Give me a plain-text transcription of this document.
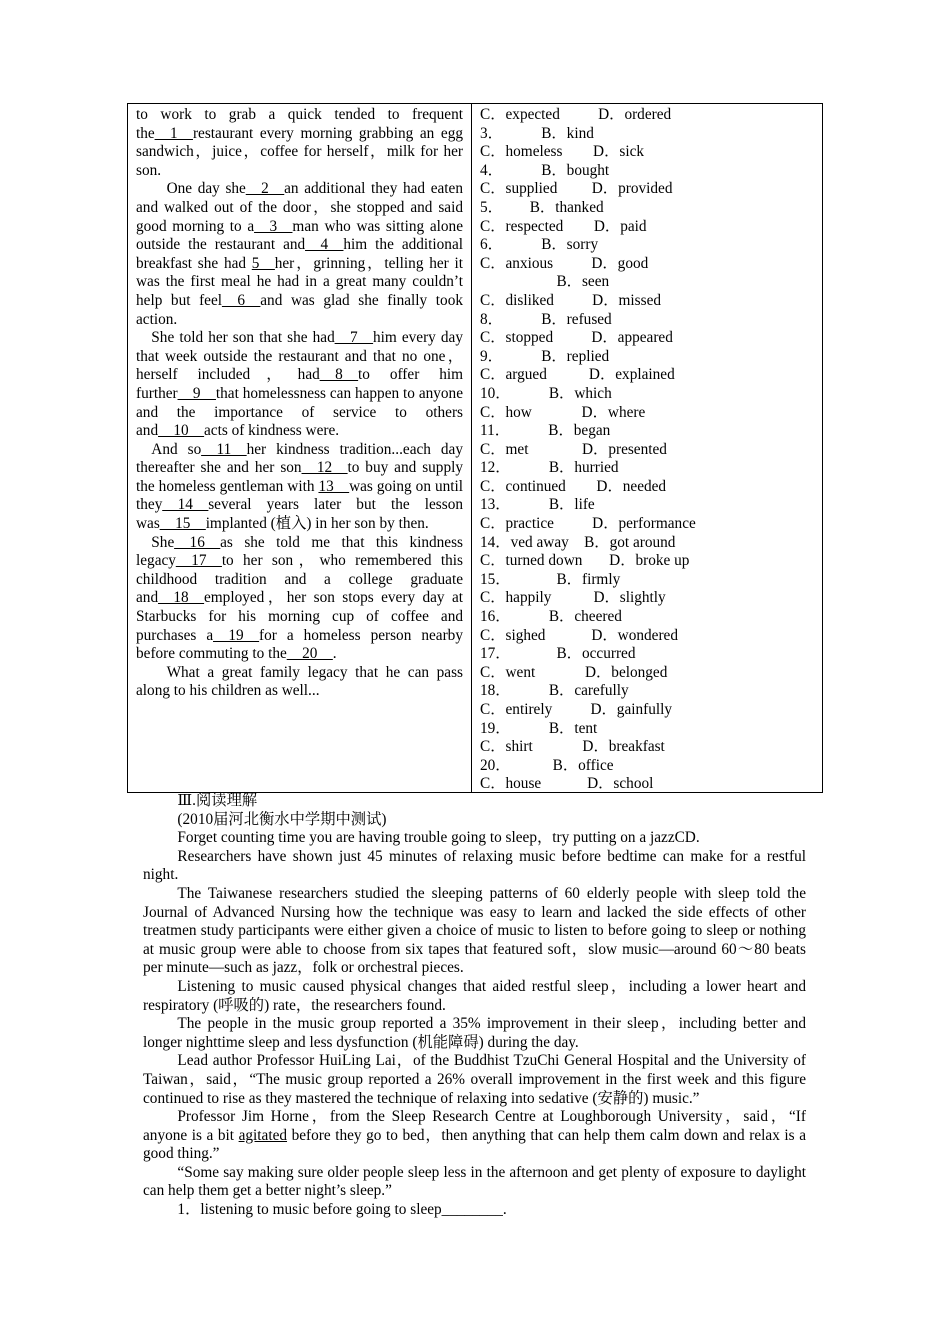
to work to grab a quick tended to frequent the__1__restaurant every morning grabbing an egg sandwich，juice，coffee for herself，milk for her son.

One day she__2__an additional they had eaten and walked out of the door，she stopped and said good morning to a__3__man who was sitting alone outside the restaurant and__4__him the additional breakfast she had 5__her，grinning，telling her it was the first meal he had in a great many couldn’t help but feel__6__and was glad she finally took action.

She told her son that she had__7__him every day that week outside the restaurant and that no one，herself included，had__8__to offer him further__9__that homelessness can happen to anyone and the importance of service to others and__10__acts of kindness were.

And so__11__her kindness tradition...each day thereafter she and her son__12__to buy and supply the homeless gentleman with 13__was going on until they__14__several years later but the lesson was__15__implanted (植入) in her son by then.

She__16__as she told me that this kindness legacy__17__to her son，who remembered this childhood tradition and a college graduate and__18__employed，her son stops every day at Starbucks for his morning cup of coffee and purchases a__19__for a homeless person nearby before commuting to the__20__.

What a great family legacy that he can pass along to his children as well...

C．expected          D．ordered
3．          B．kind
C．homeless        D．sick
4．          B．bought
C．supplied         D．provided
5．       B．thanked
C．respected        D．paid
6．          B．sorry
C．anxious          D．good
B．seen
C．disliked          D．missed
8．          B．refused
C．stopped          D．appeared
9．          B．replied
C．argued           D．explained
10．          B．which
C．how             D．where
11．          B．began
C．met              D．presented
12．          B．hurried
C．continued        D．needed
13．          B．life
C．practice          D．performance
14．ved away    B．got around
C．turned down       D．broke up
15．            B．firmly
C．happily           D．slightly
16．          B．cheered
C．sighed            D．wondered
17．            B．occurred
C．went             D．belonged
18．          B．carefully
C．entirely          D．gainfully
19．          B．tent
C．shirt             D．breakfast
20．           B．office
C．house            D．school

Ⅲ.阅读理解

(2010届河北衡水中学期中测试)

Forget counting time you are having trouble going to sleep，try putting on a jazzCD.

Researchers have shown just 45 minutes of relaxing music before bedtime can make for a restful night.

The Taiwanese researchers studied the sleeping patterns of 60 elderly people with sleep told the Journal of Advanced Nursing how the technique was easy to learn and lacked the side effects of other treatmen study participants were either given a choice of music to listen to before going to sleep or nothing at music group were able to choose from six tapes that featured soft，slow music—around 60～80 beats per minute—such as jazz，folk or orchestral pieces.

Listening to music caused physical changes that aided restful sleep，including a lower heart and respiratory (呼吸的) rate，the researchers found.

The people in the music group reported a 35% improvement in their sleep，including better and longer nighttime sleep and less dysfunction (机能障碍) during the day.

Lead author Professor HuiLing Lai，of the Buddhist TzuChi General Hospital and the University of Taiwan，said，“The music group reported a 26% overall improvement in the first week and this figure continued to rise as they mastered the technique of relaxing into sedative (安静的) music.”

Professor Jim Horne，from the Sleep Research Centre at Loughborough University，said，“If anyone is a bit agitated before they go to bed，then anything that can help them calm down and relax is a good thing.”

“Some say making sure older people sleep less in the afternoon and get plenty of exposure to daylight can help them get a better night’s sleep.”

1．listening to music before going to sleep________.
